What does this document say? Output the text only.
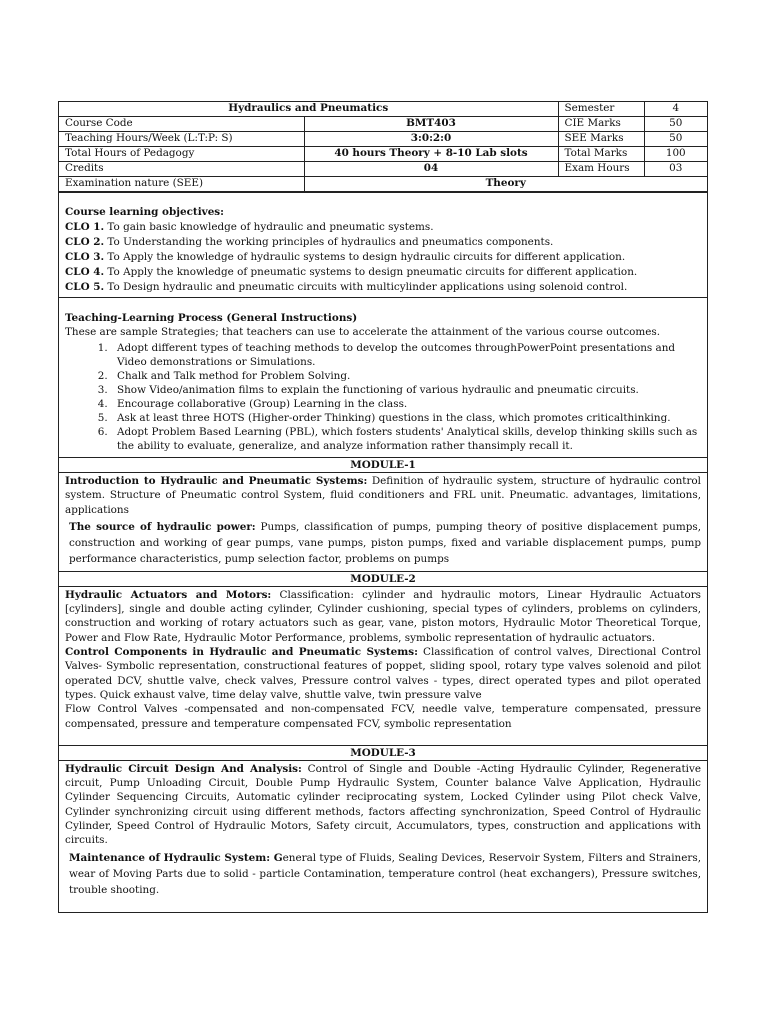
Hydraulics and Pneumatics		Semester	4
Course Code	BMT403	CIE Marks	50
Teaching Hours/Week (L:T:P: S)	3:0:2:0	SEE Marks	50
Total Hours of Pedagogy	40 hours Theory + 8-10 Lab slots	Total Marks	100
Credits	04	Exam Hours	03
Examination nature (SEE)	Theory		

Course learning objectives:

CLO 1. To gain basic knowledge of hydraulic and pneumatic systems.

CLO 2. To Understanding the working principles of hydraulics and pneumatics components.

CLO 3. To Apply the knowledge of hydraulic systems to design hydraulic circuits for different application.

CLO 4. To Apply the knowledge of pneumatic systems to design pneumatic circuits for different application.

CLO 5. To Design hydraulic and pneumatic circuits with multicylinder applications using solenoid control.

Teaching-Learning Process (General Instructions)

These are sample Strategies; that teachers can use to accelerate the attainment of the various course outcomes.

1. Adopt different types of teaching methods to develop the outcomes throughPowerPoint presentations and Video demonstrations or Simulations.
2. Chalk and Talk method for Problem Solving.
3. Show Video/animation films to explain the functioning of various hydraulic and pneumatic circuits.
4. Encourage collaborative (Group) Learning in the class.
5. Ask at least three HOTS (Higher-order Thinking) questions in the class, which promotes criticalthinking.
6. Adopt Problem Based Learning (PBL), which fosters students' Analytical skills, develop thinking skills such as the ability to evaluate, generalize, and analyze information rather thansimply recall it.
MODULE-1

Introduction to Hydraulic and Pneumatic Systems: Definition of hydraulic system, structure of hydraulic control system. Structure of Pneumatic control System, fluid conditioners and FRL unit. Pneumatic. advantages, limitations, applications

The source of hydraulic power: Pumps, classification of pumps, pumping theory of positive displacement pumps, construction and working of gear pumps, vane pumps, piston pumps, fixed and variable displacement pumps, pump performance characteristics, pump selection factor, problems on pumps

MODULE-2

Hydraulic Actuators and Motors: Classification: cylinder and hydraulic motors, Linear Hydraulic Actuators [cylinders], single and double acting cylinder, Cylinder cushioning, special types of cylinders, problems on cylinders, construction and working of rotary actuators such as gear, vane, piston motors, Hydraulic Motor Theoretical Torque, Power and Flow Rate, Hydraulic Motor Performance, problems, symbolic representation of hydraulic actuators.

Control Components in Hydraulic and Pneumatic Systems: Classification of control valves, Directional Control Valves- Symbolic representation, constructional features of poppet, sliding spool, rotary type valves solenoid and pilot operated DCV, shuttle valve, check valves, Pressure control valves - types, direct operated types and pilot operated types. Quick exhaust valve, time delay valve, shuttle valve, twin pressure valve

Flow Control Valves -compensated and non-compensated FCV, needle valve, temperature compensated, pressure compensated, pressure and temperature compensated FCV, symbolic representation

MODULE-3

Hydraulic Circuit Design And Analysis: Control of Single and Double -Acting Hydraulic Cylinder, Regenerative circuit, Pump Unloading Circuit, Double Pump Hydraulic System, Counter balance Valve Application, Hydraulic Cylinder Sequencing Circuits, Automatic cylinder reciprocating system, Locked Cylinder using Pilot check Valve, Cylinder synchronizing circuit using different methods, factors affecting synchronization, Speed Control of Hydraulic Cylinder, Speed Control of Hydraulic Motors, Safety circuit, Accumulators, types, construction and applications with circuits.

Maintenance of Hydraulic System: General type of Fluids, Sealing Devices, Reservoir System, Filters and Strainers, wear of Moving Parts due to solid - particle Contamination, temperature control (heat exchangers), Pressure switches, trouble shooting.
